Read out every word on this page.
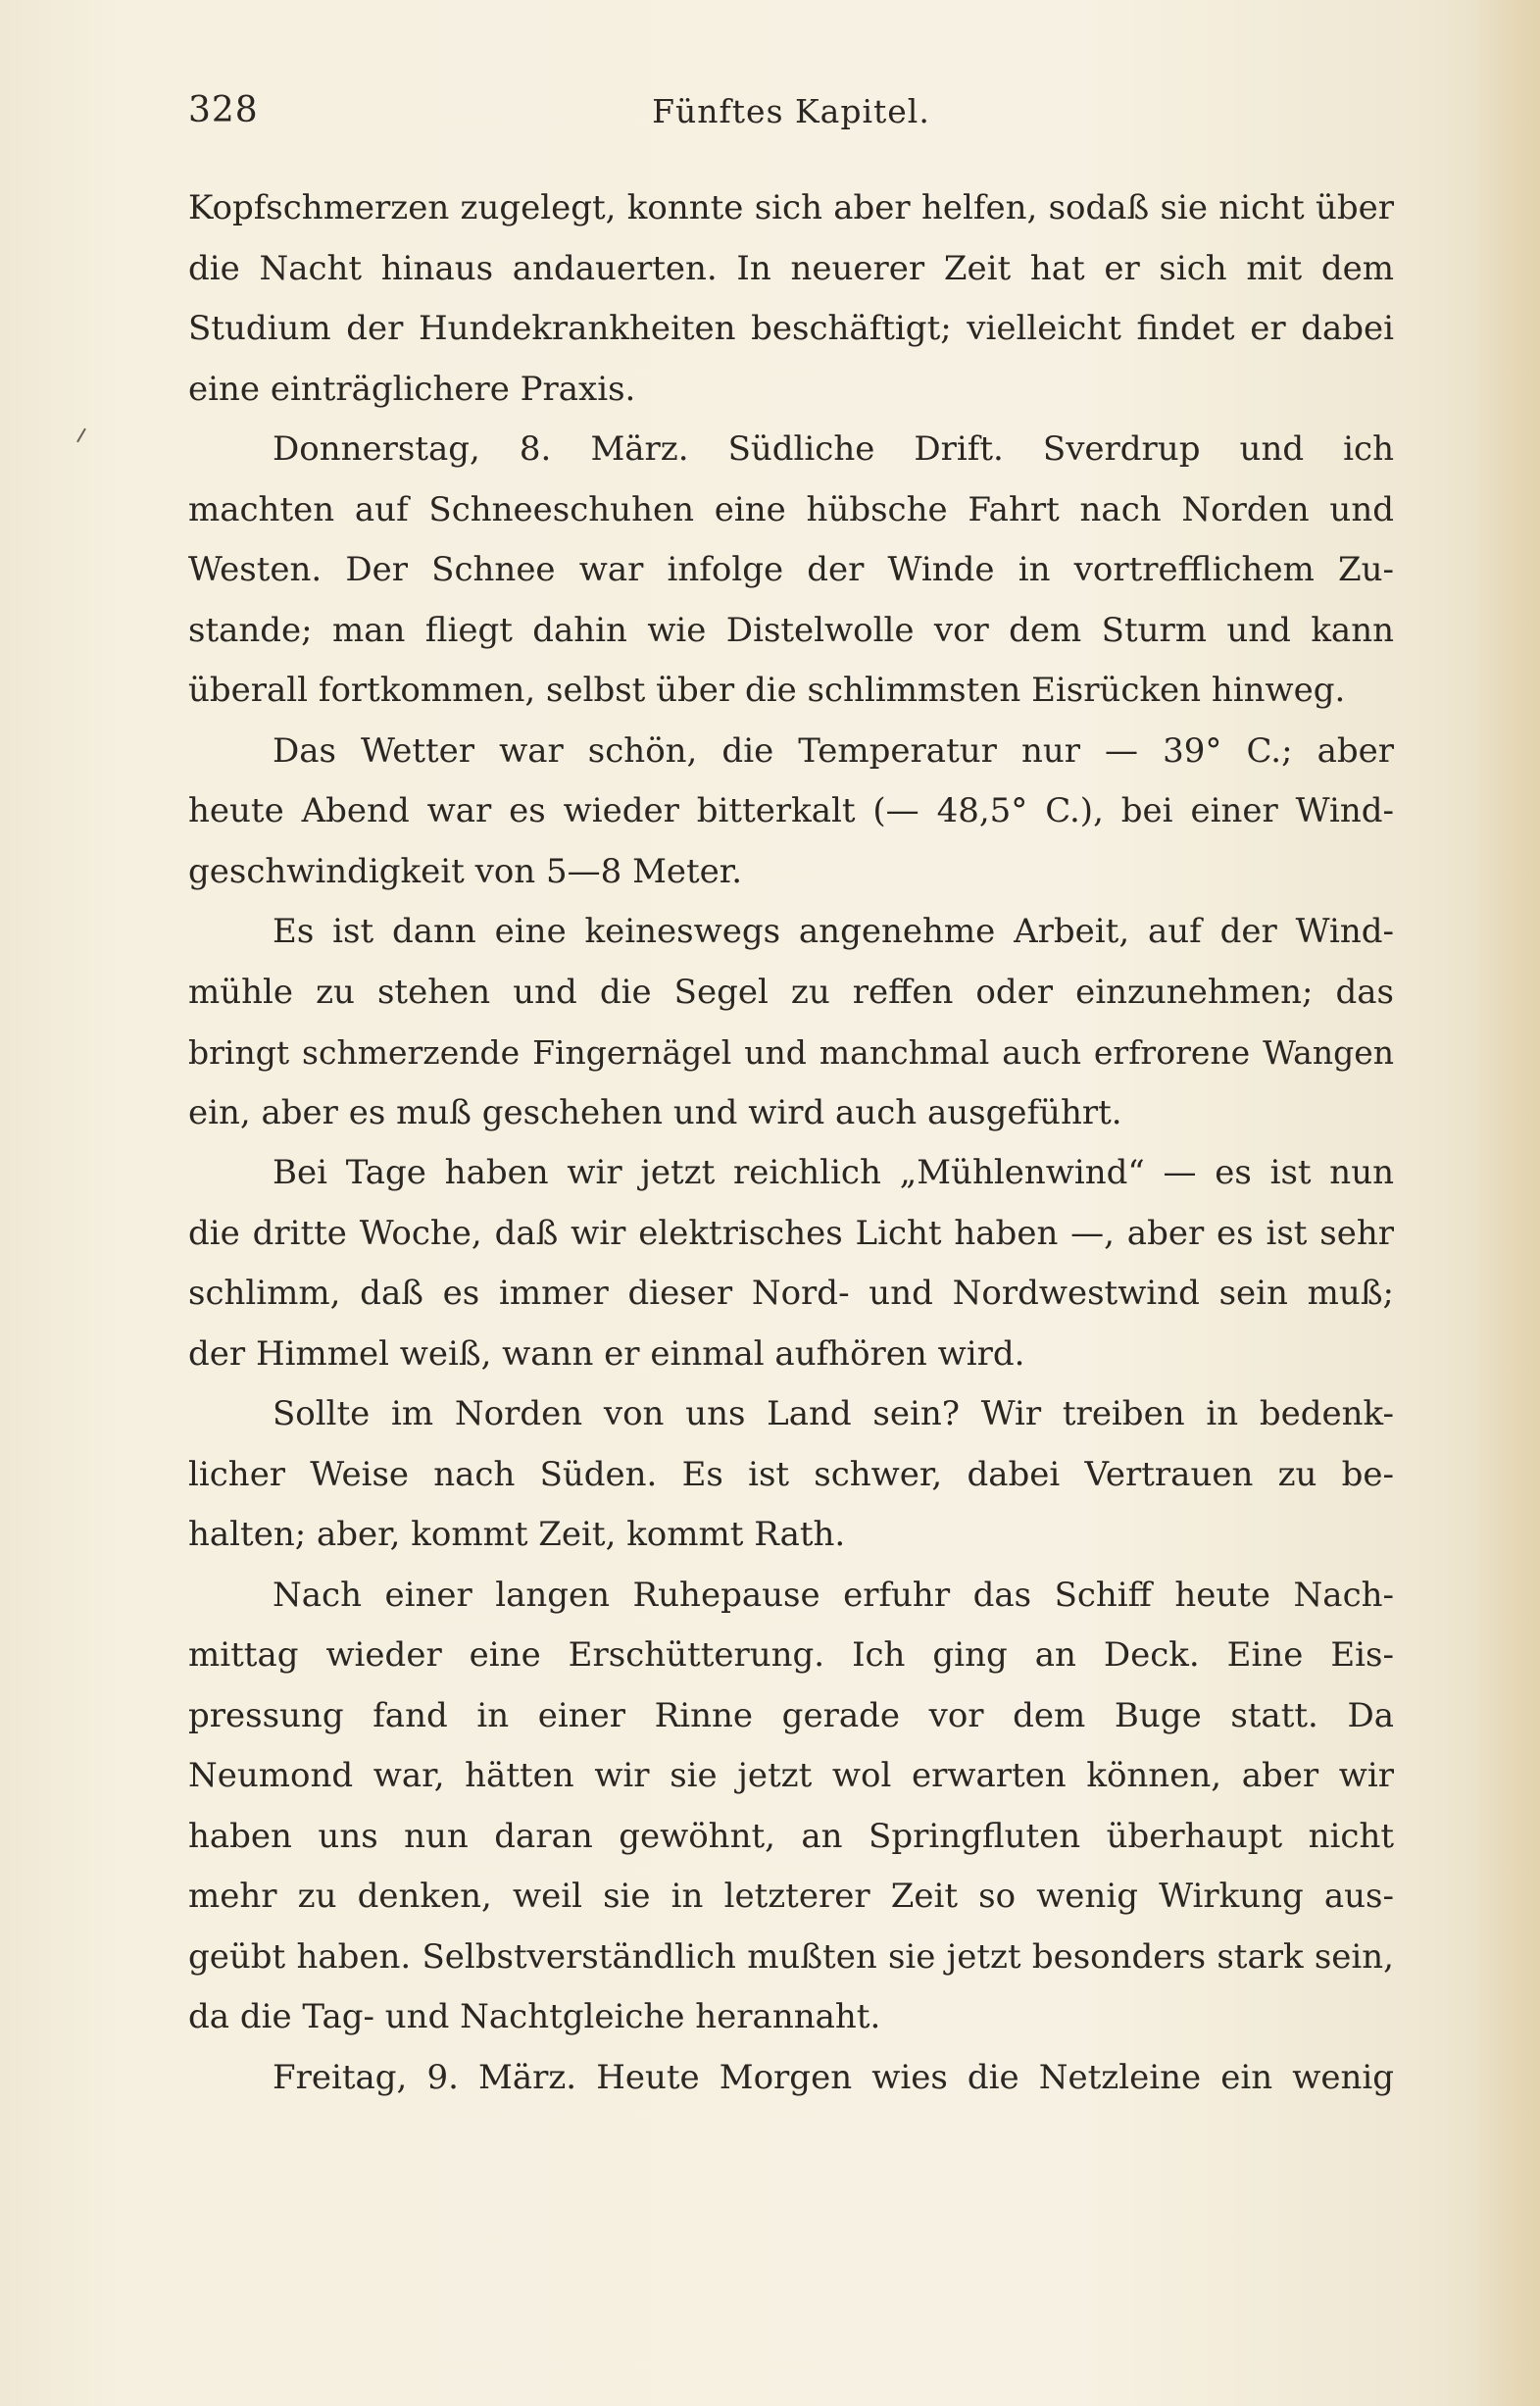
328	Fünftes Kapitel.
Kopfschmerzen zugelegt, konnte sich aber helfen, sodaß sie nicht über
die Nacht hinaus andauerten. In neuerer Zeit hat er sich mit dem
Studium der Hundekrankheiten beschäftigt; vielleicht findet er dabei
eine einträglichere Praxis.
Donnerstag, 8. März. Südliche Drift. Sverdrup und ich
machten auf Schneeschuhen eine hübsche Fahrt nach Norden und
Westen. Der Schnee war infolge der Winde in vortrefflichem Zu-
stande; man fliegt dahin wie Distelwolle vor dem Sturm und kann
überall fortkommen, selbst über die schlimmsten Eisrücken hinweg.
Das Wetter war schön, die Temperatur nur — 39° C.; aber
heute Abend war es wieder bitterkalt (— 48,5° C.), bei einer Wind-
geschwindigkeit von 5—8 Meter.
Es ist dann eine keineswegs angenehme Arbeit, auf der Wind-
mühle zu stehen und die Segel zu reffen oder einzunehmen; das
bringt schmerzende Fingernägel und manchmal auch erfrorene Wangen
ein, aber es muß geschehen und wird auch ausgeführt.
Bei Tage haben wir jetzt reichlich „Mühlenwind“ — es ist nun
die dritte Woche, daß wir elektrisches Licht haben —, aber es ist sehr
schlimm, daß es immer dieser Nord- und Nordwestwind sein muß;
der Himmel weiß, wann er einmal aufhören wird.
Sollte im Norden von uns Land sein? Wir treiben in bedenk-
licher Weise nach Süden. Es ist schwer, dabei Vertrauen zu be-
halten; aber, kommt Zeit, kommt Rath.
Nach einer langen Ruhepause erfuhr das Schiff heute Nach-
mittag wieder eine Erschütterung. Ich ging an Deck. Eine Eis-
pressung fand in einer Rinne gerade vor dem Buge statt. Da
Neumond war, hätten wir sie jetzt wol erwarten können, aber wir
haben uns nun daran gewöhnt, an Springfluten überhaupt nicht
mehr zu denken, weil sie in letzterer Zeit so wenig Wirkung aus-
geübt haben. Selbstverständlich mußten sie jetzt besonders stark sein,
da die Tag- und Nachtgleiche herannaht.
Freitag, 9. März. Heute Morgen wies die Netzleine ein wenig
